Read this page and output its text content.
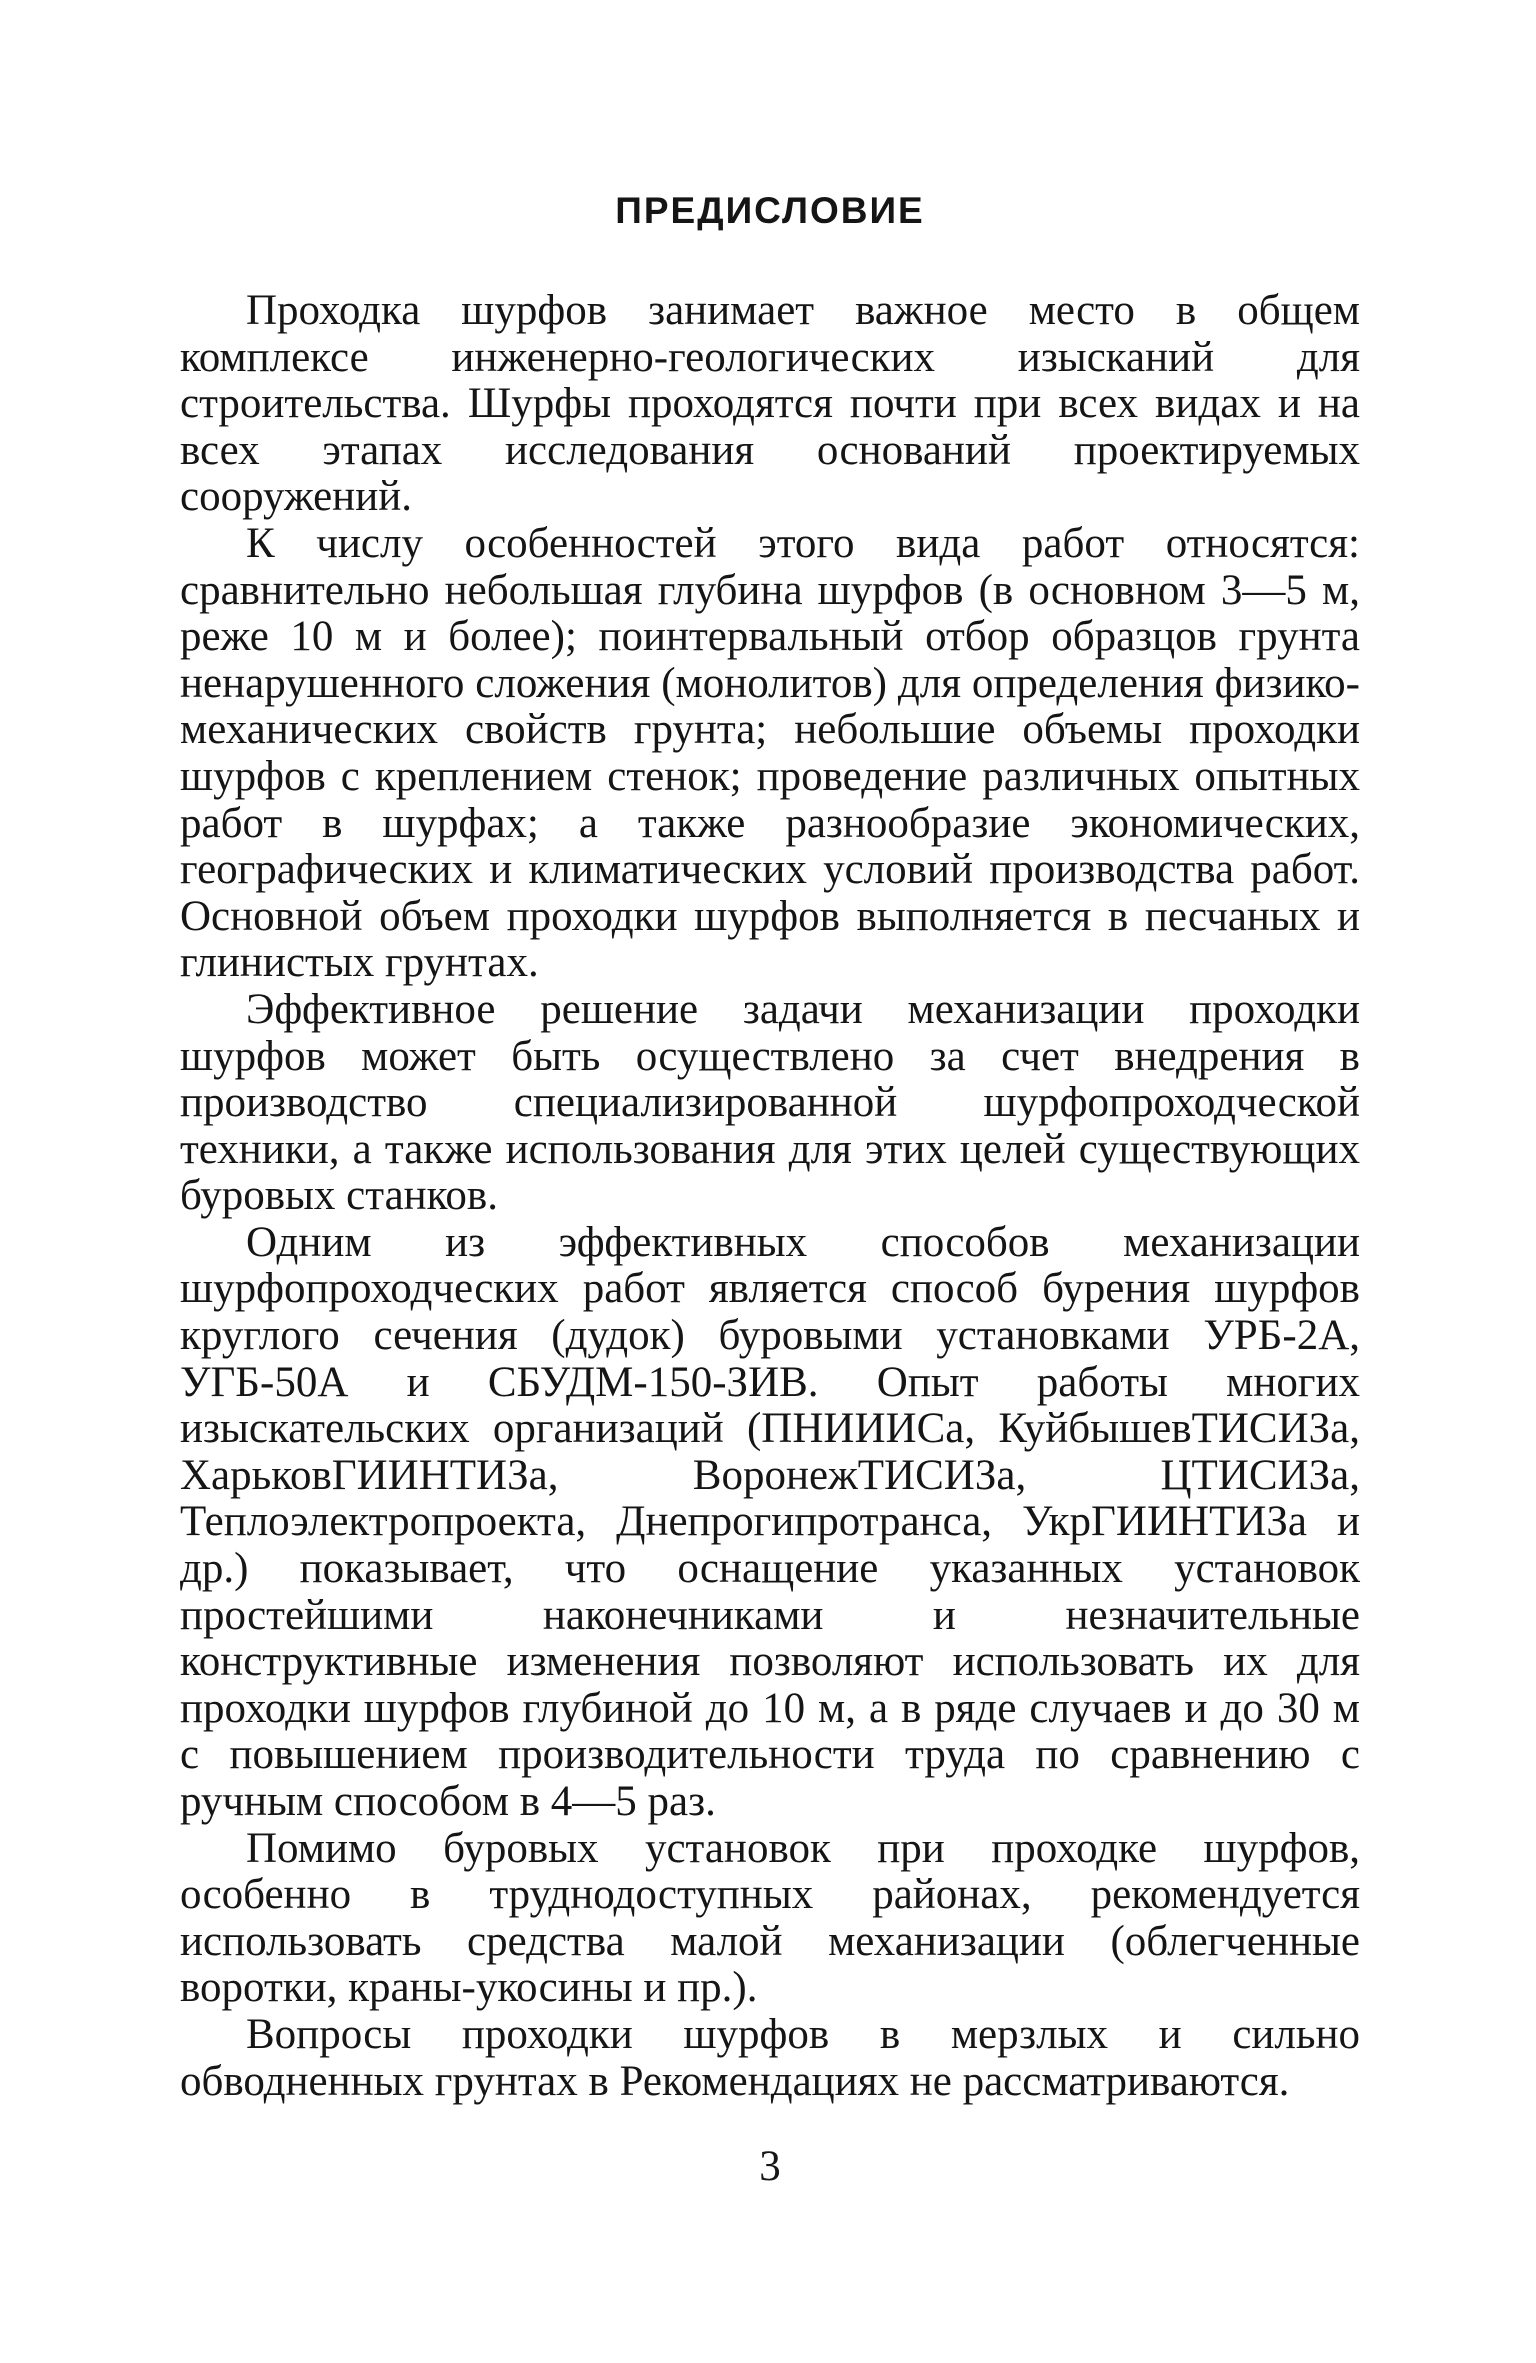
ПРЕДИСЛОВИЕ

Проходка шурфов занимает важное место в общем комплексе инженерно-геологических изысканий для строительства. Шурфы проходятся почти при всех видах и на всех этапах исследования оснований проектируемых сооружений.

К числу особенностей этого вида работ относятся: сравнительно небольшая глубина шурфов (в основном 3—5 м, реже 10 м и более); поинтервальный отбор образцов грунта ненарушенного сложения (монолитов) для определения физико-механических свойств грунта; небольшие объемы проходки шурфов с креплением стенок; проведение различных опытных работ в шурфах; а также разнообразие экономических, географических и климатических условий производства работ. Основной объем проходки шурфов выполняется в песчаных и глинистых грунтах.

Эффективное решение задачи механизации проходки шурфов может быть осуществлено за счет внедрения в производство специализированной шурфопроходческой техники, а также использования для этих целей существующих буровых станков.

Одним из эффективных способов механизации шурфопроходческих работ является способ бурения шурфов круглого сечения (дудок) буровыми установками УРБ-2А, УГБ-50А и СБУДМ-150-ЗИВ. Опыт работы многих изыскательских организаций (ПНИИИСа, КуйбышевТИСИЗа, ХарьковГИИНТИЗа, ВоронежТИСИЗа, ЦТИСИЗа, Теплоэлектропроекта, Днепрогипротранса, УкрГИИНТИЗа и др.) показывает, что оснащение указанных установок простейшими наконечниками и незначительные конструктивные изменения позволяют использовать их для проходки шурфов глубиной до 10 м, а в ряде случаев и до 30 м с повышением производительности труда по сравнению с ручным способом в 4—5 раз.

Помимо буровых установок при проходке шурфов, особенно в труднодоступных районах, рекомендуется использовать средства малой механизации (облегченные воротки, краны-укосины и пр.).

Вопросы проходки шурфов в мерзлых и сильно обводненных грунтах в Рекомендациях не рассматриваются.

3
